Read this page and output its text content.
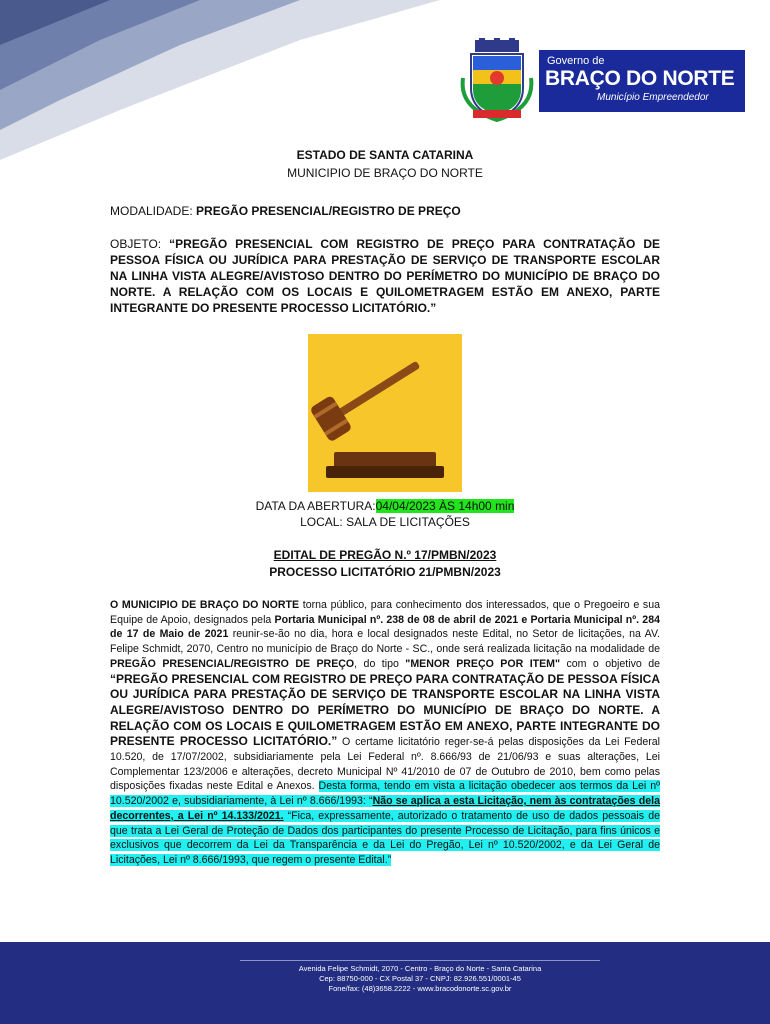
Governo de
BRAÇO DO NORTE
Município Empreendedor
ESTADO DE SANTA CATARINA
MUNICIPIO DE BRAÇO DO NORTE
MODALIDADE: PREGÃO PRESENCIAL/REGISTRO DE PREÇO
OBJETO: “PREGÃO PRESENCIAL COM REGISTRO DE PREÇO PARA CONTRATAÇÃO DE PESSOA FÍSICA OU JURÍDICA PARA PRESTAÇÃO DE SERVIÇO DE TRANSPORTE ESCOLAR NA LINHA VISTA ALEGRE/AVISTOSO DENTRO DO PERÍMETRO DO MUNICÍPIO DE BRAÇO DO NORTE. A RELAÇÃO COM OS LOCAIS E QUILOMETRAGEM ESTÃO EM ANEXO, PARTE INTEGRANTE DO PRESENTE PROCESSO LICITATÓRIO.”
DATA DA ABERTURA:04/04/2023 ÀS 14h00 min
LOCAL: SALA DE LICITAÇÕES
EDITAL DE PREGÃO N.º 17/PMBN/2023
PROCESSO LICITATÓRIO 21/PMBN/2023
O MUNICIPIO DE BRAÇO DO NORTE torna público, para conhecimento dos interessados, que o Pregoeiro e sua Equipe de Apoio, designados pela Portaria Municipal nº. 238 de 08 de abril de 2021 e Portaria Municipal nº. 284 de 17 de Maio de 2021 reunir-se-ão no dia, hora e local designados neste Edital, no Setor de licitações, na AV. Felipe Schmidt, 2070, Centro no município de Braço do Norte - SC., onde será realizada licitação na modalidade de PREGÃO PRESENCIAL/REGISTRO DE PREÇO, do tipo "MENOR PREÇO POR ITEM" com o objetivo de “PREGÃO PRESENCIAL COM REGISTRO DE PREÇO PARA CONTRATAÇÃO DE PESSOA FÍSICA OU JURÍDICA PARA PRESTAÇÃO DE SERVIÇO DE TRANSPORTE ESCOLAR NA LINHA VISTA ALEGRE/AVISTOSO DENTRO DO PERÍMETRO DO MUNICÍPIO DE BRAÇO DO NORTE. A RELAÇÃO COM OS LOCAIS E QUILOMETRAGEM ESTÃO EM ANEXO, PARTE INTEGRANTE DO PRESENTE PROCESSO LICITATÓRIO.” O certame licitatório reger-se-á pelas disposições da Lei Federal 10.520, de 17/07/2002, subsidiariamente pela Lei Federal nº. 8.666/93 de 21/06/93 e suas alterações, Lei Complementar 123/2006 e alterações, decreto Municipal Nº 41/2010 de 07 de Outubro de 2010, bem como pelas disposições fixadas neste Edital e Anexos. Desta forma, tendo em vista a licitação obedecer aos termos da Lei nº 10.520/2002 e, subsidiariamente, à Lei nº 8.666/1993: “Não se aplica a esta Licitação, nem às contratações dela decorrentes, a Lei nº 14.133/2021. “Fica, expressamente, autorizado o tratamento de uso de dados pessoais de que trata a Lei Geral de Proteção de Dados dos participantes do presente Processo de Licitação, para fins únicos e exclusivos que decorrem da Lei da Transparência e da Lei do Pregão, Lei nº 10.520/2002, e da Lei Geral de Licitações, Lei nº 8.666/1993, que regem o presente Edital.”
Avenida Felipe Schmidt, 2070 - Centro - Braço do Norte - Santa Catarina
Cep: 88750-000 - CX Postal 37 - CNPJ: 82.926.551/0001-45
Fone/fax: (48)3658.2222 - www.bracodonorte.sc.gov.br
